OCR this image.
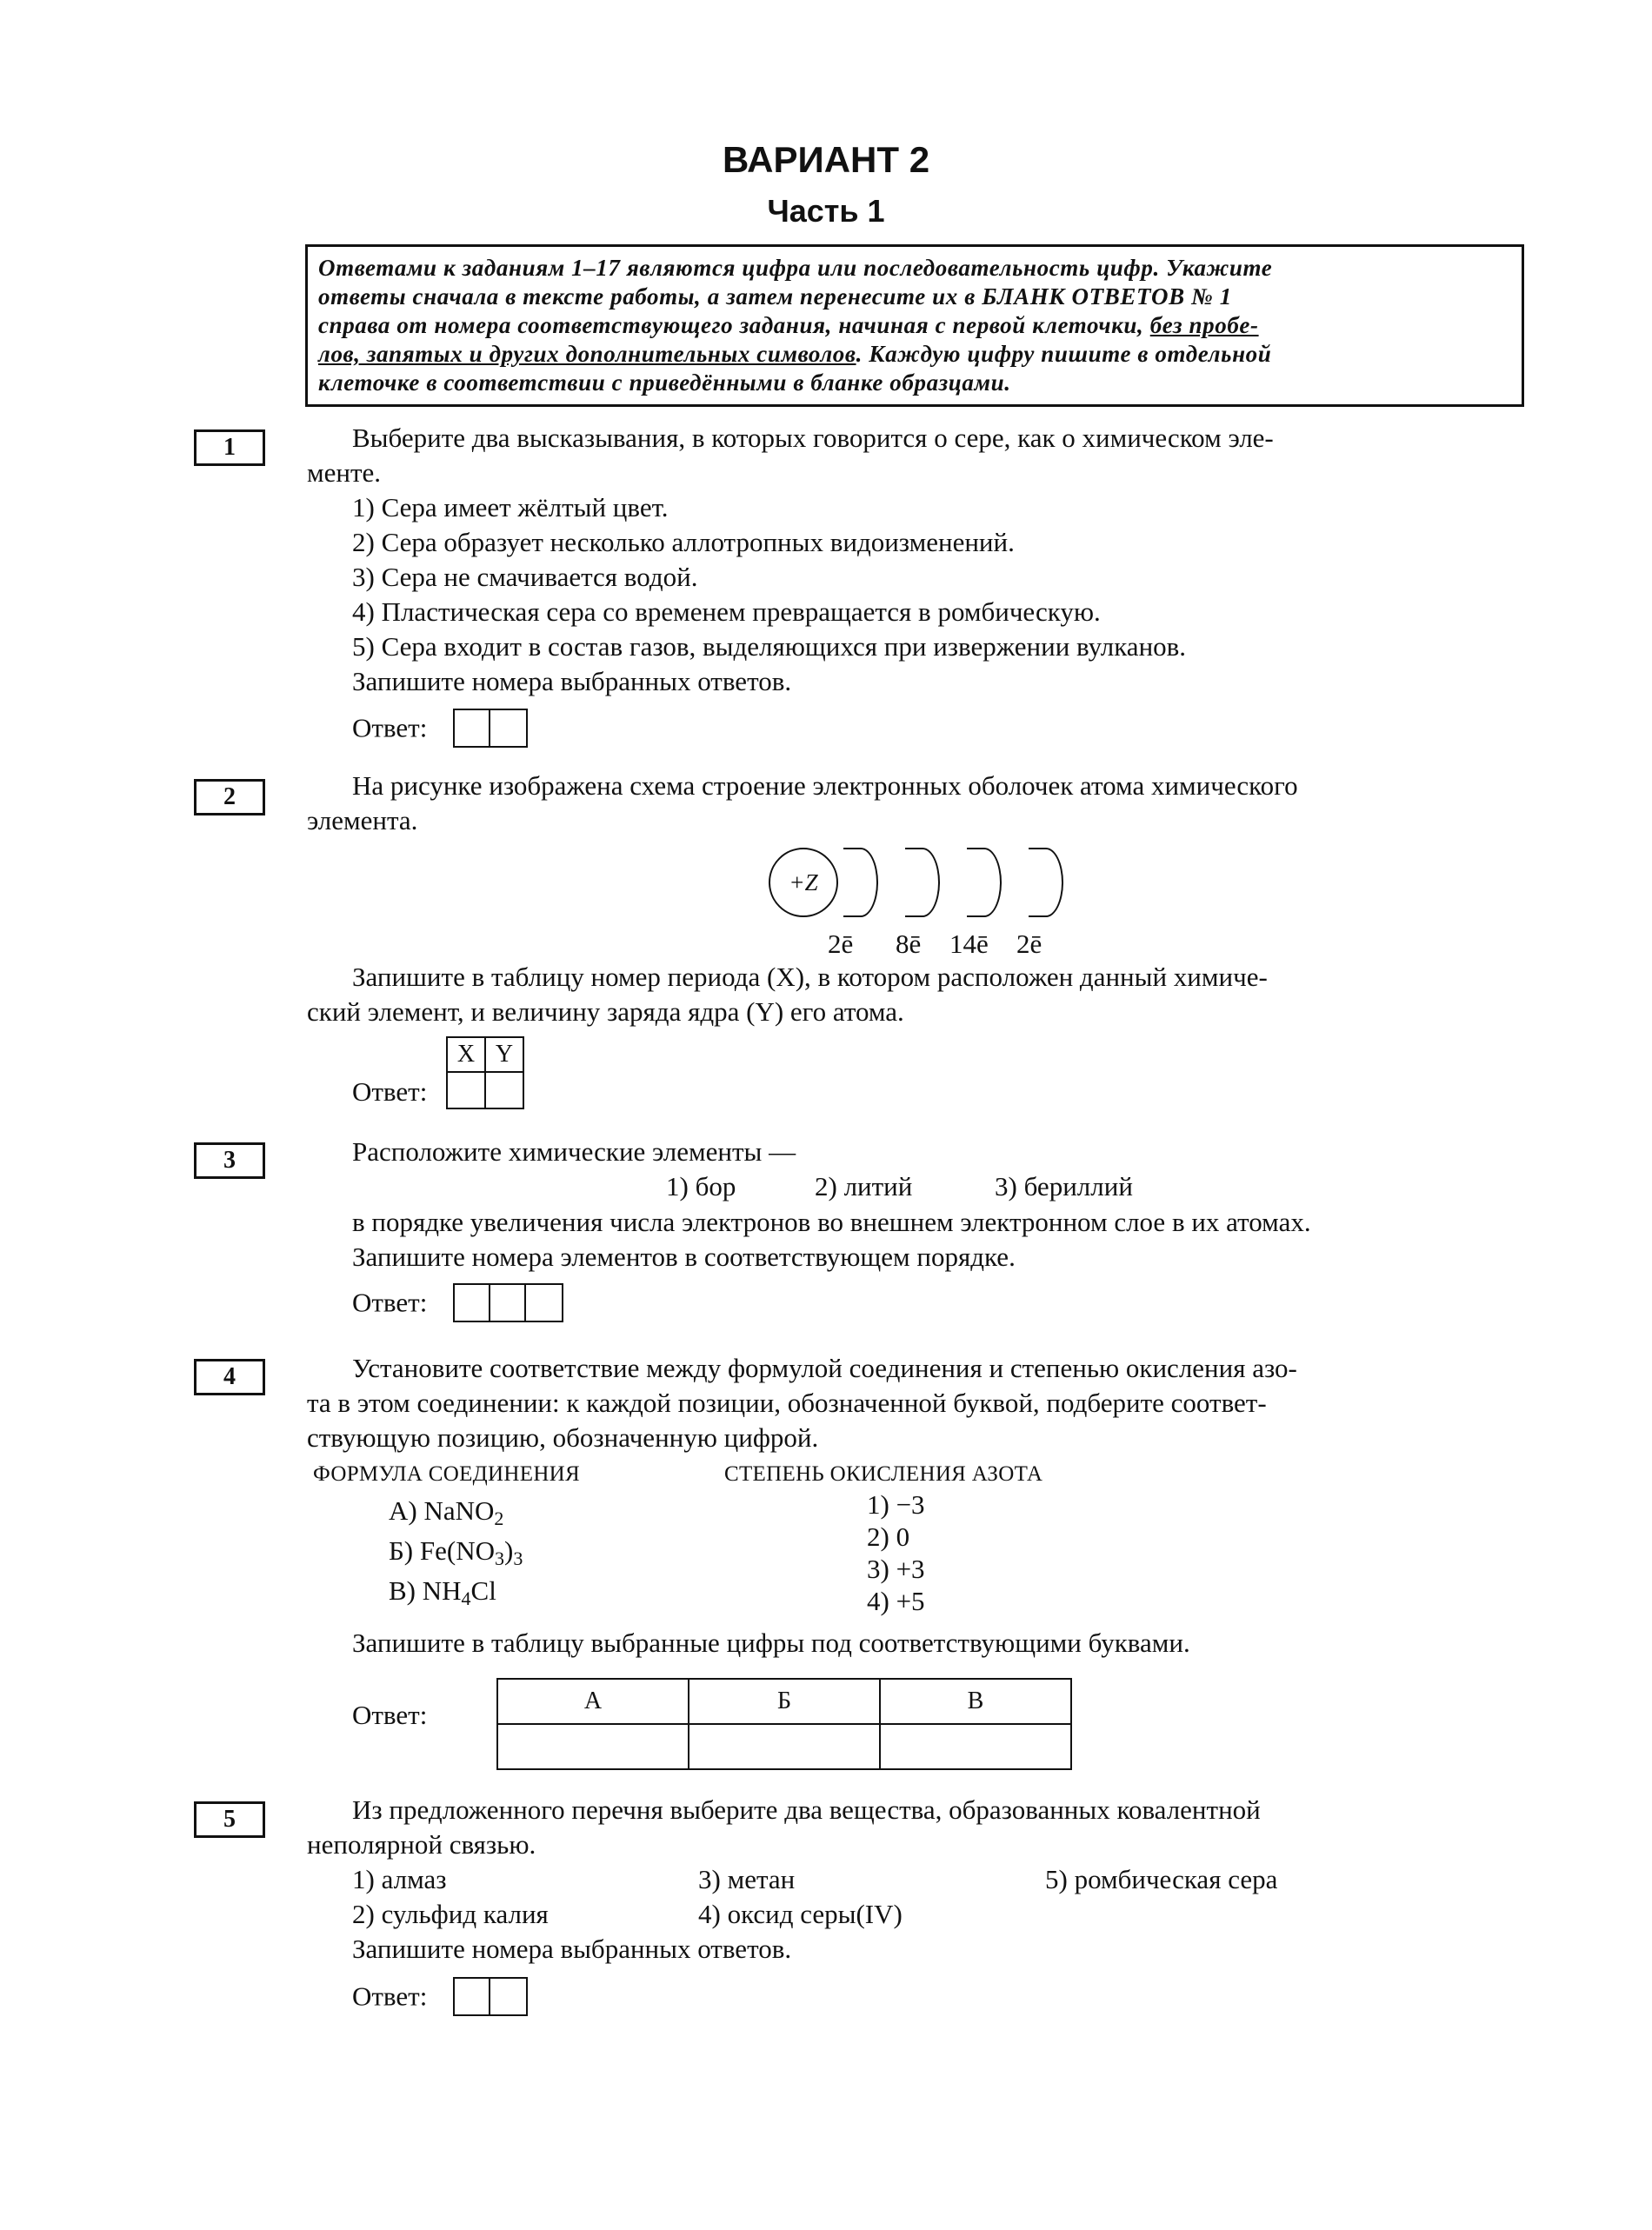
ВАРИАНТ 2
Часть 1
Ответами к заданиям 1–17 являются цифра или последовательность цифр. Укажите
ответы сначала в тексте работы, а затем перенесите их в БЛАНК ОТВЕТОВ № 1
справа от номера соответствующего задания, начиная с первой клеточки, без пробе-
лов, запятых и других дополнительных символов. Каждую цифру пишите в отдельной
клеточке в соответствии с приведёнными в бланке образцами.
1	Выберите два высказывания, в которых говорится о сере, как о химическом эле-
менте.
1) Сера имеет жёлтый цвет.
2) Сера образует несколько аллотропных видоизменений.
3) Сера не смачивается водой.
4) Пластическая сера со временем превращается в ромбическую.
5) Сера входит в состав газов, выделяющихся при извержении вулканов.
Запишите номера выбранных ответов.
Ответ:
2	На рисунке изображена схема строение электронных оболочек атома химического
элемента.
+Z
2ē 8ē 14ē 2ē
Запишите в таблицу номер периода (X), в котором расположен данный химиче-
ский элемент, и величину заряда ядра (Y) его атома.
Ответ:
X	Y

3	Расположите химические элементы —
1) бор	2) литий	3) бериллий
в порядке увеличения числа электронов во внешнем электронном слое в их атомах.
Запишите номера элементов в соответствующем порядке.
Ответ:
4	Установите соответствие между формулой соединения и степенью окисления азо-
та в этом соединении: к каждой позиции, обозначенной буквой, подберите соответ-
ствующую позицию, обозначенную цифрой.
ФОРМУЛА СОЕДИНЕНИЯ	СТЕПЕНЬ ОКИСЛЕНИЯ АЗОТА
А) NaNO$_2$
Б) $Fe(NO_3)_3$
В) $NH_4Cl$
1) −3
2) 0
3) +3
4) +5
Запишите в таблицу выбранные цифры под соответствующими буквами.
Ответ:	А	Б	В

5	Из предложенного перечня выберите два вещества, образованных ковалентной
неполярной связью.
1) алмаз
2) сульфид калия
3) метан
4) оксид серы(IV)
5) ромбическая сера
Запишите номера выбранных ответов.
Ответ:
